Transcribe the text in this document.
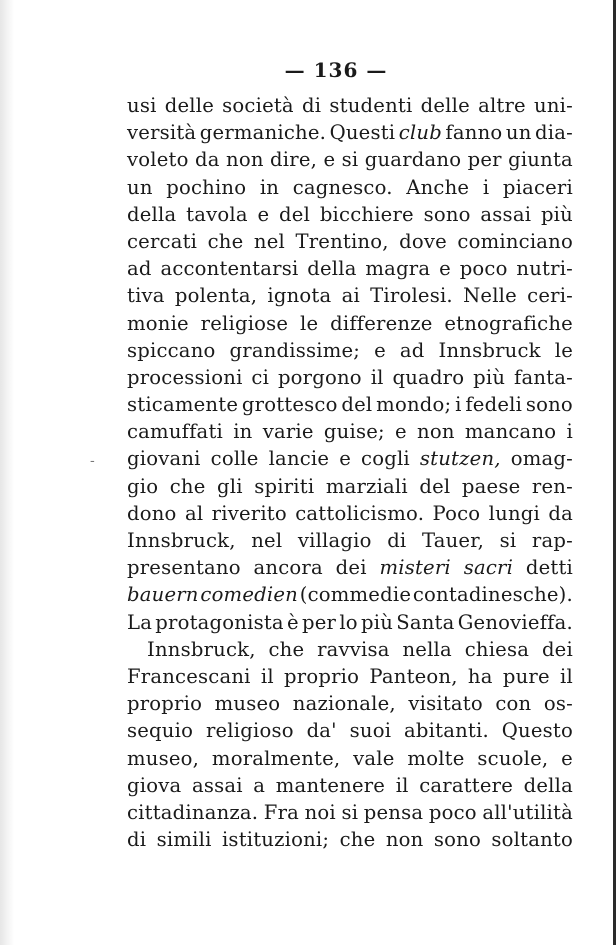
— 136 —

-
usi delle società di studenti delle altre uni-
versità germaniche. Questi club fanno un dia-
voleto da non dire, e si guardano per giunta
un pochino in cagnesco. Anche i piaceri
della tavola e del bicchiere sono assai più
cercati che nel Trentino, dove cominciano
ad accontentarsi della magra e poco nutri-
tiva polenta, ignota ai Tirolesi. Nelle ceri-
monie religiose le differenze etnografiche
spiccano grandissime; e ad Innsbruck le
processioni ci porgono il quadro più fanta-
sticamente grottesco del mondo; i fedeli sono
camuffati in varie guise; e non mancano i
giovani colle lancie e cogli stutzen, omag-
gio che gli spiriti marziali del paese ren-
dono al riverito cattolicismo. Poco lungi da
Innsbruck, nel villagio di Tauer, si rap-
presentano ancora dei misteri sacri detti
bauern comedien (commedie contadinesche).
La protagonista è per lo più Santa Genovieffa.
Innsbruck, che ravvisa nella chiesa dei
Francescani il proprio Panteon, ha pure il
proprio museo nazionale, visitato con os-
sequio religioso da' suoi abitanti. Questo
museo, moralmente, vale molte scuole, e
giova assai a mantenere il carattere della
cittadinanza. Fra noi si pensa poco all'utilità
di simili istituzioni; che non sono soltanto
